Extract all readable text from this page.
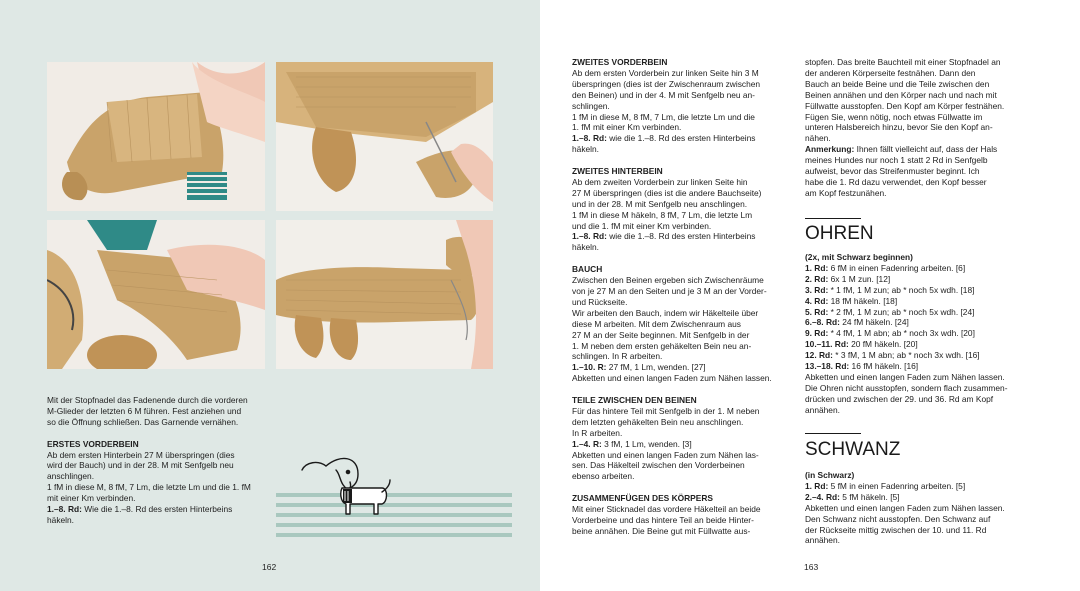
Mit der Stopfnadel das Fadenende durch die vorderen

M-Glieder der letzten 6 M führen. Fest anziehen und

so die Öffnung schließen. Das Garnende vernähen.

ERSTES VORDERBEIN

Ab dem ersten Hinterbein 27 M überspringen (dies

wird der Bauch) und in der 28. M mit Senfgelb neu

anschlingen.

1 fM in diese M, 8 fM, 7 Lm, die letzte Lm und die 1. fM

mit einer Km verbinden.

1.–8. Rd: Wie die 1.–8. Rd des ersten Hinterbeins

häkeln.

162

ZWEITES VORDERBEIN

Ab dem ersten Vorderbein zur linken Seite hin 3 M

überspringen (dies ist der Zwischenraum zwischen

den Beinen) und in der 4. M mit Senfgelb neu an-

schlingen.

1 fM in diese M, 8 fM, 7 Lm, die letzte Lm und die

1. fM mit einer Km verbinden.

1.–8. Rd: wie die 1.–8. Rd des ersten Hinterbeins

häkeln.

ZWEITES HINTERBEIN

Ab dem zweiten Vorderbein zur linken Seite hin

27 M überspringen (dies ist die andere Bauchseite)

und in der 28. M mit Senfgelb neu anschlingen.

1 fM in diese M häkeln, 8 fM, 7 Lm, die letzte Lm

und die 1. fM mit einer Km verbinden.

1.–8. Rd: wie die 1.–8. Rd des ersten Hinterbeins

häkeln.

BAUCH

Zwischen den Beinen ergeben sich Zwischenräume

von je 27 M an den Seiten und je 3 M an der Vorder-

und Rückseite.

Wir arbeiten den Bauch, indem wir Häkelteile über

diese M arbeiten. Mit dem Zwischenraum aus

27 M an der Seite beginnen. Mit Senfgelb in der

1. M neben dem ersten gehäkelten Bein neu an-

schlingen. In R arbeiten.

1.–10. R: 27 fM, 1 Lm, wenden. [27]

Abketten und einen langen Faden zum Nähen lassen.

TEILE ZWISCHEN DEN BEINEN

Für das hintere Teil mit Senfgelb in der 1. M neben

dem letzten gehäkelten Bein neu anschlingen.

In R arbeiten.

1.–4. R: 3 fM, 1 Lm, wenden. [3]

Abketten und einen langen Faden zum Nähen las-

sen. Das Häkelteil zwischen den Vorderbeinen

ebenso arbeiten.

ZUSAMMENFÜGEN DES KÖRPERS

Mit einer Sticknadel das vordere Häkelteil an beide

Vorderbeine und das hintere Teil an beide Hinter-

beine annähen. Die Beine gut mit Füllwatte aus-

stopfen. Das breite Bauchteil mit einer Stopfnadel an

der anderen Körperseite festnähen. Dann den

Bauch an beide Beine und die Teile zwischen den

Beinen annähen und den Körper nach und nach mit

Füllwatte ausstopfen. Den Kopf am Körper festnähen.

Fügen Sie, wenn nötig, noch etwas Füllwatte im

unteren Halsbereich hinzu, bevor Sie den Kopf an-

nähen.

Anmerkung: Ihnen fällt vielleicht auf, dass der Hals

meines Hundes nur noch 1 statt 2 Rd in Senfgelb

aufweist, bevor das Streifenmuster beginnt. Ich

habe die 1. Rd dazu verwendet, den Kopf besser

am Kopf festzunähen.

OHREN

(2x, mit Schwarz beginnen)

1. Rd: 6 fM in einen Fadenring arbeiten. [6]

2. Rd: 6x 1 M zun. [12]

3. Rd: * 1 fM, 1 M zun; ab * noch 5x wdh. [18]

4. Rd: 18 fM häkeln. [18]

5. Rd: * 2 fM, 1 M zun; ab * noch 5x wdh. [24]

6.–8. Rd: 24 fM häkeln. [24]

9. Rd: * 4 fM, 1 M abn; ab * noch 3x wdh. [20]

10.–11. Rd: 20 fM häkeln. [20]

12. Rd: * 3 fM, 1 M abn; ab * noch 3x wdh. [16]

13.–18. Rd: 16 fM häkeln. [16]

Abketten und einen langen Faden zum Nähen lassen.

Die Ohren nicht ausstopfen, sondern flach zusammen-

drücken und zwischen der 29. und 36. Rd am Kopf

annähen.

SCHWANZ

(in Schwarz)

1. Rd: 5 fM in einen Fadenring arbeiten. [5]

2.–4. Rd: 5 fM häkeln. [5]

Abketten und einen langen Faden zum Nähen lassen.

Den Schwanz nicht ausstopfen. Den Schwanz auf

der Rückseite mittig zwischen der 10. und 11. Rd

annähen.

163
